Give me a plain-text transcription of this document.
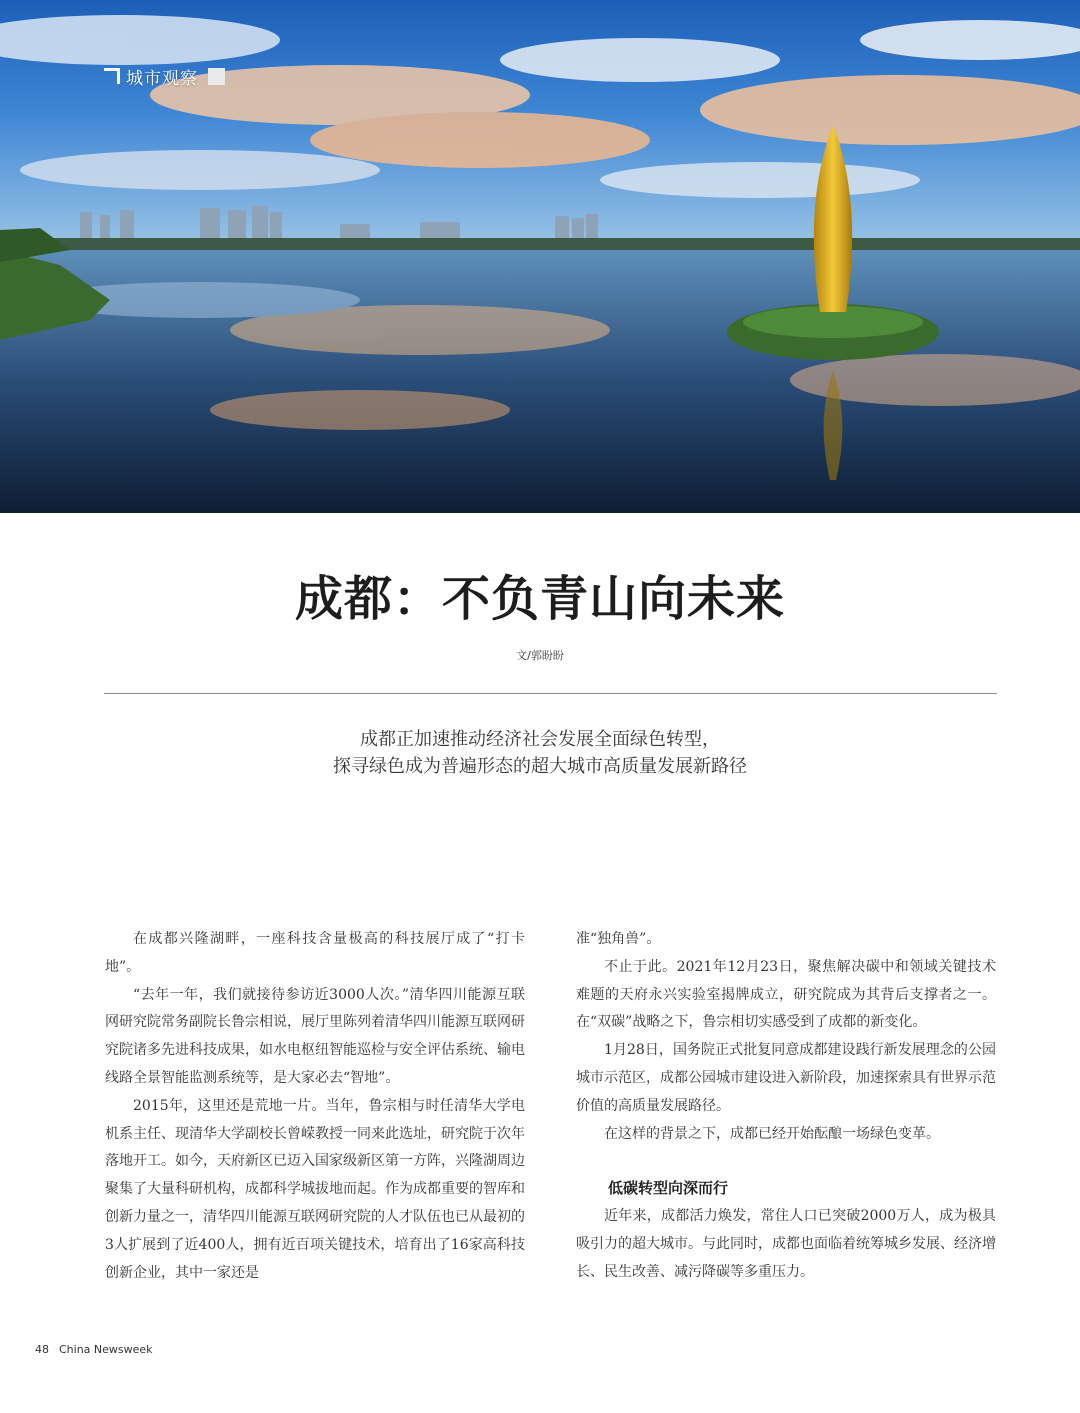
城市观察
成都：不负青山向未来
文/郭盼盼
成都正加速推动经济社会发展全面绿色转型，
探寻绿色成为普遍形态的超大城市高质量发展新路径

在成都兴隆湖畔，一座科技含量极高的科技展厅成了“打卡地”。

“去年一年，我们就接待参访近3000人次。”清华四川能源互联网研究院常务副院长鲁宗相说，展厅里陈列着清华四川能源互联网研究院诸多先进科技成果，如水电枢纽智能巡检与安全评估系统、输电线路全景智能监测系统等，是大家必去“智地”。

2015年，这里还是荒地一片。当年，鲁宗相与时任清华大学电机系主任、现清华大学副校长曾嵘教授一同来此选址，研究院于次年落地开工。如今，天府新区已迈入国家级新区第一方阵，兴隆湖周边聚集了大量科研机构，成都科学城拔地而起。作为成都重要的智库和创新力量之一，清华四川能源互联网研究院的人才队伍也已从最初的3人扩展到了近400人，拥有近百项关键技术，培育出了16家高科技创新企业，其中一家还是

准“独角兽”。

不止于此。2021年12月23日，聚焦解决碳中和领域关键技术难题的天府永兴实验室揭牌成立，研究院成为其背后支撑者之一。在“双碳”战略之下，鲁宗相切实感受到了成都的新变化。

1月28日，国务院正式批复同意成都建设践行新发展理念的公园城市示范区，成都公园城市建设进入新阶段，加速探索具有世界示范价值的高质量发展路径。

在这样的背景之下，成都已经开始酝酿一场绿色变革。

低碳转型向深而行

近年来，成都活力焕发，常住人口已突破2000万人，成为极具吸引力的超大城市。与此同时，成都也面临着统筹城乡发展、经济增长、民生改善、减污降碳等多重压力。

48 China Newsweek
